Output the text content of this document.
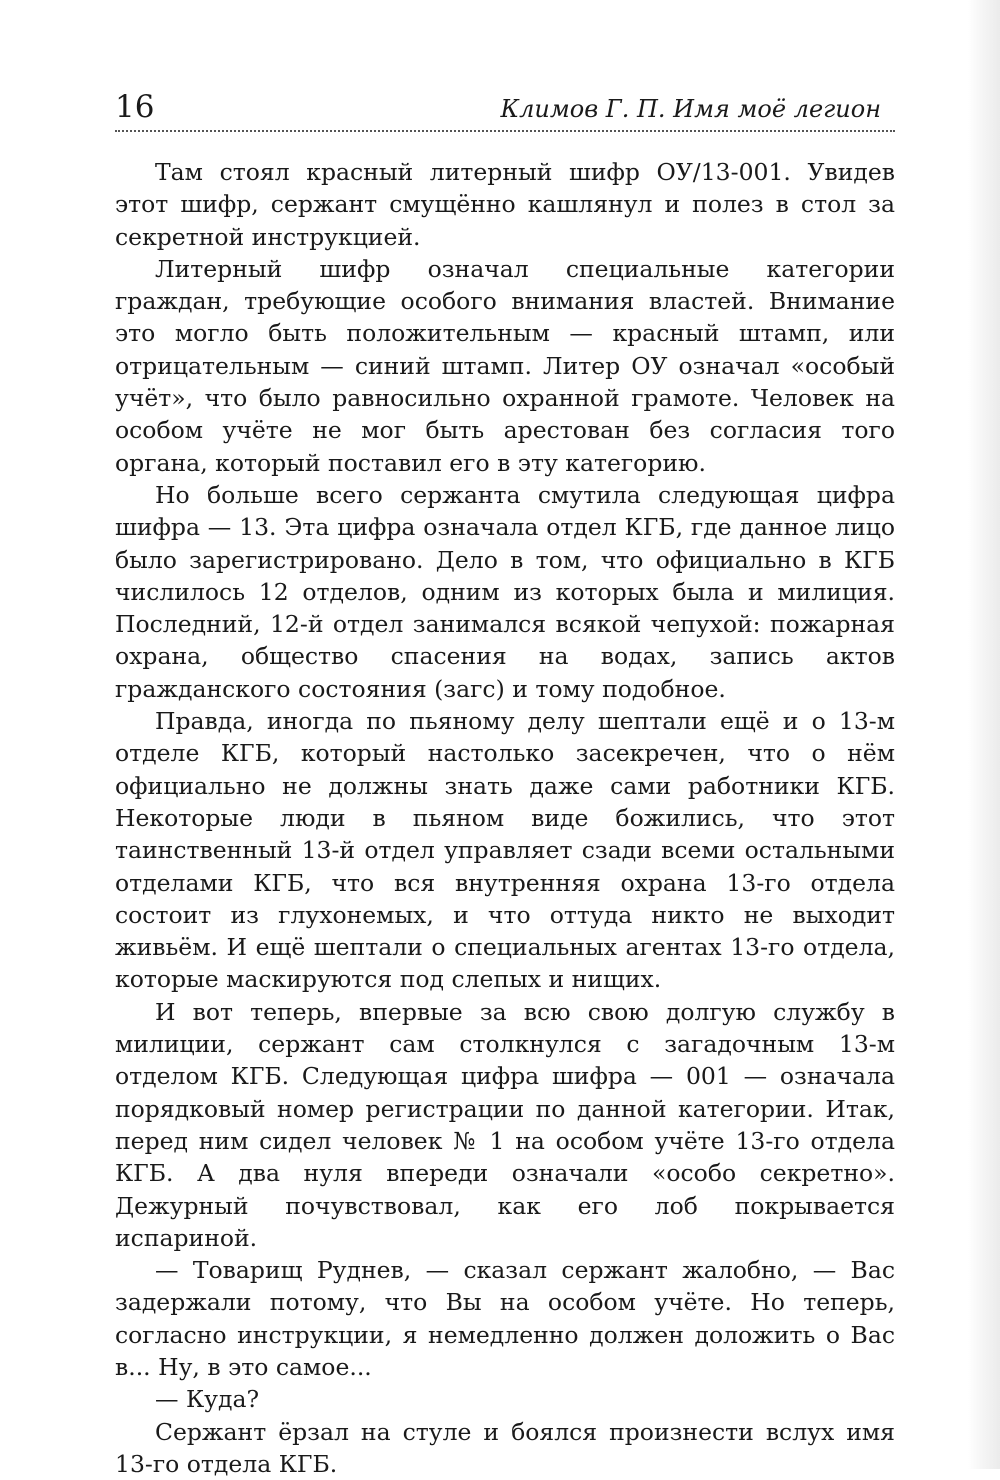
16	Климов Г. П. Имя моё легион

Там стоял красный литерный шифр ОУ/13-001. Увидев этот шифр, сержант смущённо кашлянул и полез в стол за секретной инструкцией.

Литерный шифр означал специальные категории граждан, требующие особого внимания властей. Внимание это могло быть положительным — красный штамп, или отрицательным — синий штамп. Литер ОУ означал «особый учёт», что было равносильно охранной грамоте. Человек на особом учёте не мог быть арестован без согласия того органа, который поставил его в эту категорию.

Но больше всего сержанта смутила следующая цифра шифра — 13. Эта цифра означала отдел КГБ, где данное лицо было зарегистрировано. Дело в том, что официально в КГБ числилось 12 отделов, одним из которых была и милиция. Последний, 12-й отдел занимался всякой чепухой: пожарная охрана, общество спасения на водах, запись актов гражданского состояния (загс) и тому подобное.

Правда, иногда по пьяному делу шептали ещё и о 13-м отделе КГБ, который настолько засекречен, что о нём официально не должны знать даже сами работники КГБ. Некоторые люди в пьяном виде божились, что этот таинственный 13-й отдел управляет сзади всеми остальными отделами КГБ, что вся внутренняя охрана 13-го отдела состоит из глухонемых, и что оттуда никто не выходит живьём. И ещё шептали о специальных агентах 13-го отдела, которые маскируются под слепых и нищих.

И вот теперь, впервые за всю свою долгую службу в милиции, сержант сам столкнулся с загадочным 13-м отделом КГБ. Следующая цифра шифра — 001 — означала порядковый номер регистрации по данной категории. Итак, перед ним сидел человек № 1 на особом учёте 13-го отдела КГБ. А два нуля впереди означали «особо секретно». Дежурный почувствовал, как его лоб покрывается испариной.

— Товарищ Руднев, — сказал сержант жалобно, — Вас задержали потому, что Вы на особом учёте. Но теперь, согласно инструкции, я немедленно должен доложить о Вас в... Ну, в это самое...

— Куда?

Сержант ёрзал на стуле и боялся произнести вслух имя 13-го отдела КГБ.
